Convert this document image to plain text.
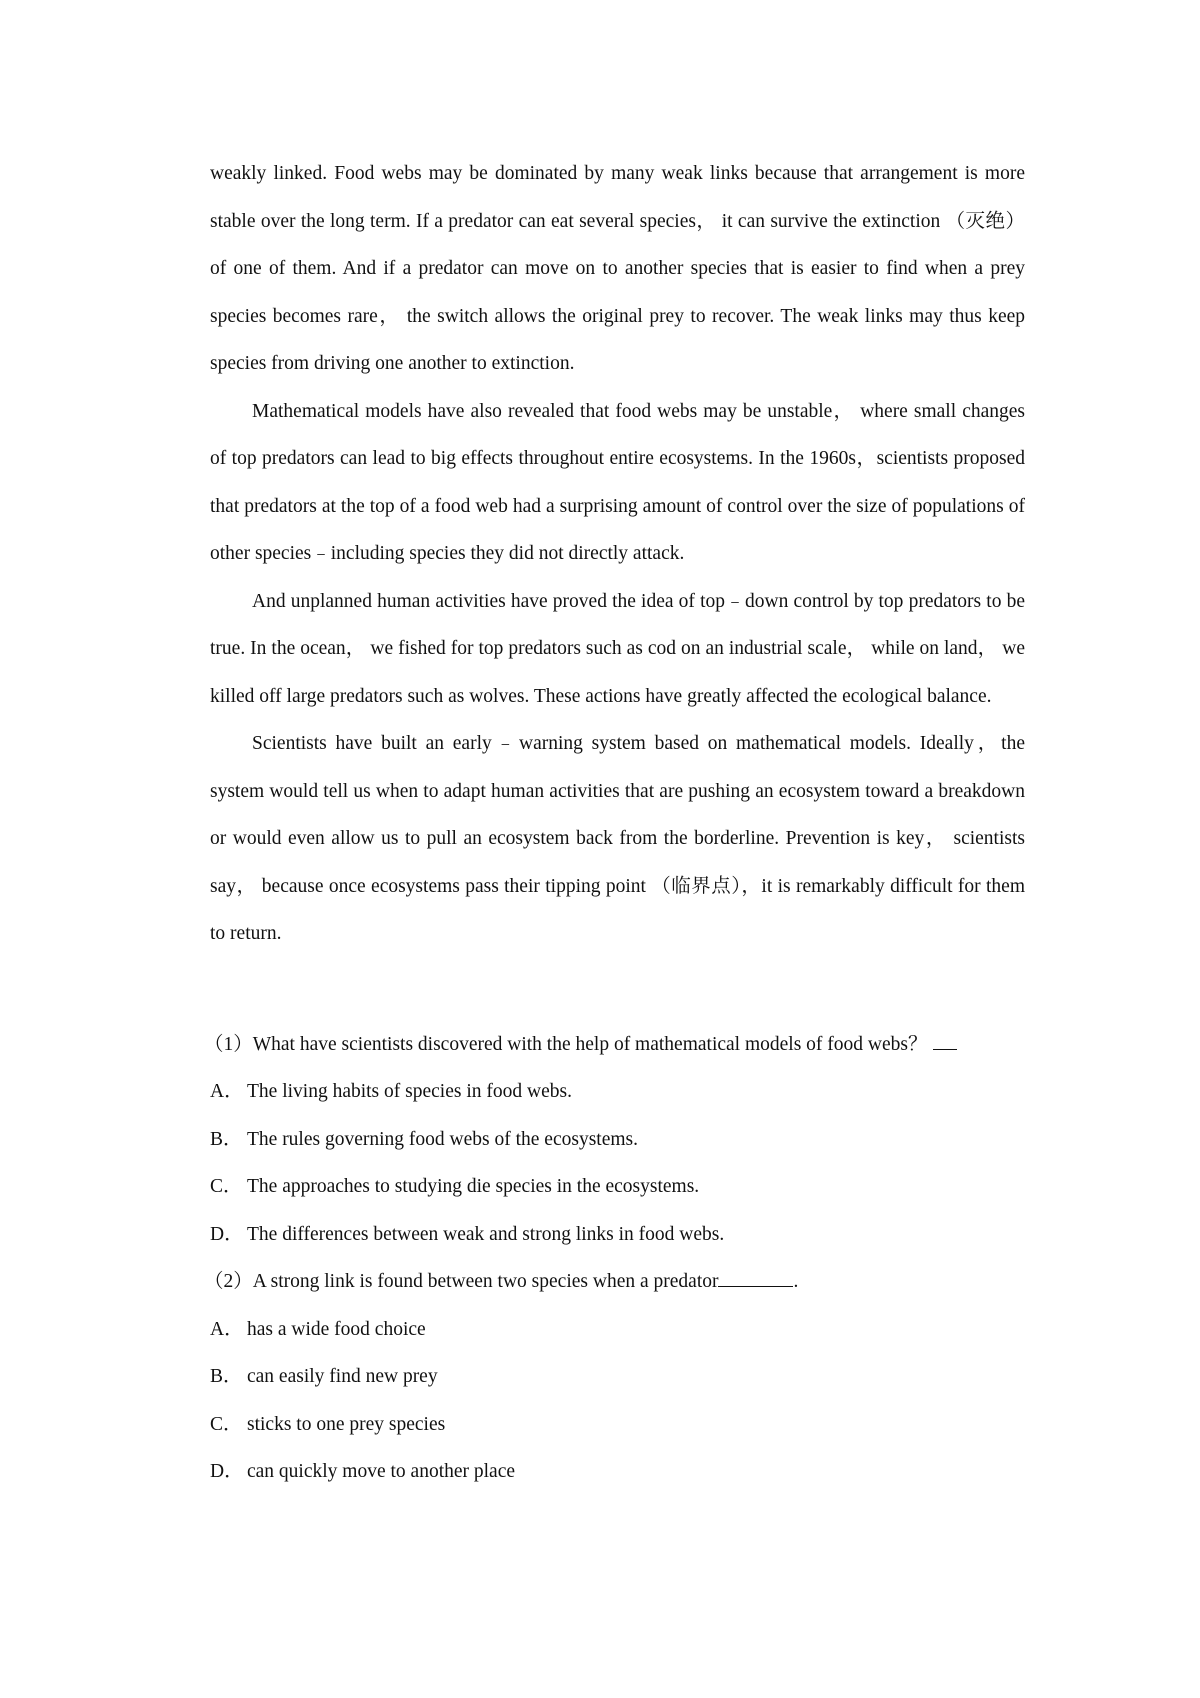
weakly linked. Food webs may be dominated by many weak links because that arrangement is more stable over the long term. If a predator can eat several species， it can survive the extinction （灭绝）of one of them. And if a predator can move on to another species that is easier to find when a prey species becomes rare， the switch allows the original prey to recover. The weak links may thus keep species from driving one another to extinction.

Mathematical models have also revealed that food webs may be unstable， where small changes of top predators can lead to big effects throughout entire ecosystems. In the 1960s，scientists proposed that predators at the top of a food web had a surprising amount of control over the size of populations of other species﹣including species they did not directly attack.

And unplanned human activities have proved the idea of top﹣down control by top predators to be true. In the ocean， we fished for top predators such as cod on an industrial scale， while on land， we killed off large predators such as wolves. These actions have greatly affected the ecological balance.

Scientists have built an early﹣warning system based on mathematical models. Ideally，the system would tell us when to adapt human activities that are pushing an ecosystem toward a breakdown or would even allow us to pull an ecosystem back from the borderline. Prevention is key， scientists say， because once ecosystems pass their tipping point （临界点），it is remarkably difficult for them to return.

（1）What have scientists discovered with the help of mathematical models of food webs？

A． The living habits of species in food webs.

B． The rules governing food webs of the ecosystems.

C． The approaches to studying die species in the ecosystems.

D． The differences between weak and strong links in food webs.

（2）A strong link is found between two species when a predator	.

A． has a wide food choice

B． can easily find new prey

C． sticks to one prey species

D． can quickly move to another place
